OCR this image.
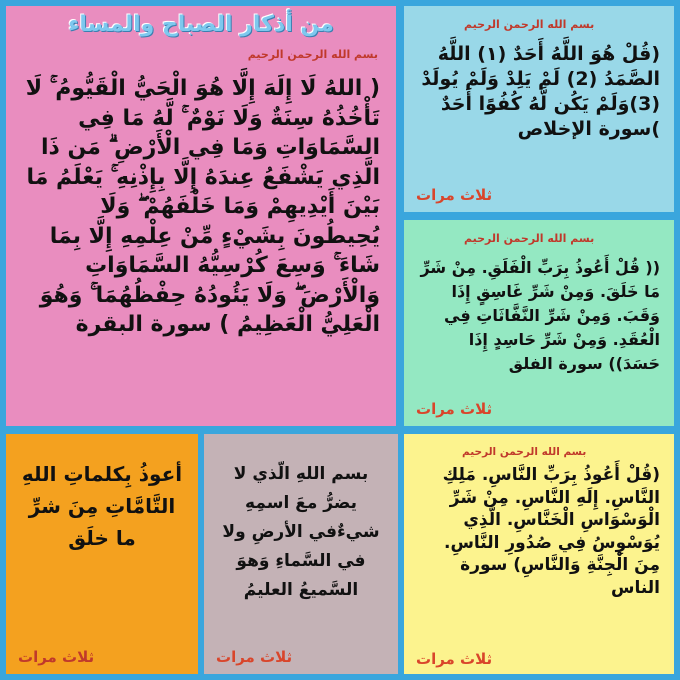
من أذكار الصباح والمساء
بسم الله الرحمن الرحيم
( اللهُ لَا إِلَهَ إِلَّا هُوَ الْحَيُّ الْقَيُّومُ ۚ لَا تَأْخُذُهُ سِنَةٌ وَلَا نَوْمٌ ۚ لَّهُ مَا فِي السَّمَاوَاتِ وَمَا فِي الْأَرْضِ ۗ مَن ذَا الَّذِي يَشْفَعُ عِندَهُ إِلَّا بِإِذْنِهِ ۚ يَعْلَمُ مَا بَيْنَ أَيْدِيهِمْ وَمَا خَلْفَهُمْ ۖ وَلَا يُحِيطُونَ بِشَيْءٍ مِّنْ عِلْمِهِ إِلَّا بِمَا شَاءَ ۚ وَسِعَ كُرْسِيُّهُ السَّمَاوَاتِ وَالْأَرْضَ ۖ وَلَا يَئُودُهُ حِفْظُهُمَا ۚ وَهُوَ الْعَلِيُّ الْعَظِيمُ ) سورة البقرة
بسم الله الرحمن الرحيم
(قُلْ هُوَ اللَّهُ أَحَدٌ (١) اللَّهُ الصَّمَدُ (2) لَمْ يَلِدْ وَلَمْ يُولَدْ (3)وَلَمْ يَكُن لَّهُ كُفُوًا أَحَدٌ )سورة الإخلاص
ثلاث مرات
بسم الله الرحمن الرحيم
(( قُلْ أَعُوذُ بِرَبِّ الْفَلَقِ. مِنْ شَرِّ مَا خَلَقَ. وَمِنْ شَرِّ غَاسِقٍ إِذَا وَقَبَ. وَمِنْ شَرِّ النَّفَّاثَاتِ فِي الْعُقَدِ. وَمِنْ شَرِّ حَاسِدٍ إِذَا حَسَدَ)) سورة الفلق
ثلاث مرات
بسم الله الرحمن الرحيم
(قُلْ أَعُوذُ بِرَبِّ النَّاسِ. مَلِكِ النَّاسِ. إِلَهِ النَّاسِ. مِنْ شَرِّ الْوَسْوَاسِ الْخَنَّاسِ. الَّذِي يُوَسْوِسُ فِي صُدُورِ النَّاسِ. مِنَ الْجِنَّةِ وَالنَّاسِ) سورة الناس
ثلاث مرات
بسم اللهِ الّذي لا يضرُّ معَ اسمِهِ شيءٌفي الأرضِ ولا في السَّماءِ وَهوَ السَّميعُ العليمُ
ثلاث مرات
أعوذُ بِكلماتِ اللهِ التَّامَّاتِ مِنَ شرِّ ما خلَق
ثلاث مرات
